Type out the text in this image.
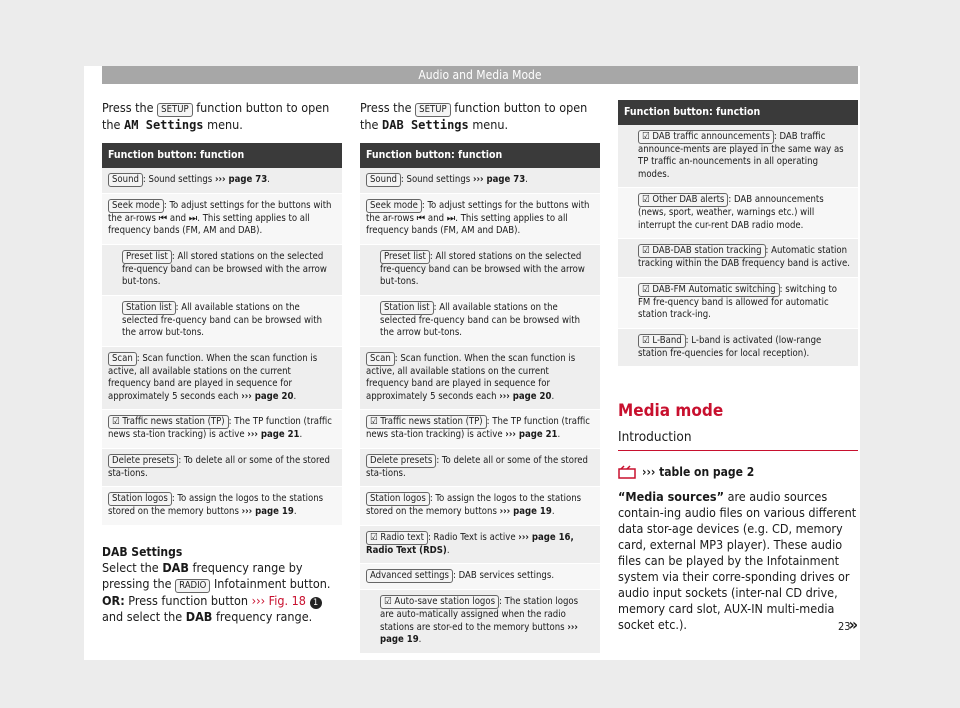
Audio and Media Mode

Press the SETUP function button to open the AM Settings menu.

Function button: function
Sound : Sound settings ››› page 73.
Seek mode : To adjust settings for the buttons with the ar-rows ⏮ and ⏭. This setting applies to all frequency bands (FM, AM and DAB).
Preset list : All stored stations on the selected fre-quency band can be browsed with the arrow but-tons.
Station list : All available stations on the selected fre-quency band can be browsed with the arrow but-tons.
Scan : Scan function. When the scan function is active, all available stations on the current frequency band are played in sequence for approximately 5 seconds each ››› page 20.
☑ Traffic news station (TP) : The TP function (traffic news sta-tion tracking) is active ››› page 21.
Delete presets : To delete all or some of the stored sta-tions.
Station logos : To assign the logos to the stations stored on the memory buttons ››› page 19.

DAB Settings

Select the DAB frequency range by pressing the RADIO Infotainment button.

OR: Press function button ››› Fig. 18 1 and select the DAB frequency range.

Press the SETUP function button to open the DAB Settings menu.

Function button: function
Sound : Sound settings ››› page 73.
Seek mode : To adjust settings for the buttons with the ar-rows ⏮ and ⏭. This setting applies to all frequency bands (FM, AM and DAB).
Preset list : All stored stations on the selected fre-quency band can be browsed with the arrow but-tons.
Station list : All available stations on the selected fre-quency band can be browsed with the arrow but-tons.
Scan : Scan function. When the scan function is active, all available stations on the current frequency band are played in sequence for approximately 5 seconds each ››› page 20.
☑ Traffic news station (TP) : The TP function (traffic news sta-tion tracking) is active ››› page 21.
Delete presets : To delete all or some of the stored sta-tions.
Station logos : To assign the logos to the stations stored on the memory buttons ››› page 19.
☑ Radio text : Radio Text is active ››› page 16, Radio Text (RDS).
Advanced settings : DAB services settings.
☑ Auto-save station logos : The station logos are auto-matically assigned when the radio stations are stor-ed to the memory buttons ››› page 19.
Function button: function
☑ DAB traffic announcements : DAB traffic announce-ments are played in the same way as TP traffic an-nouncements in all operating modes.
☑ Other DAB alerts : DAB announcements (news, sport, weather, warnings etc.) will interrupt the cur-rent DAB radio mode.
☑ DAB-DAB station tracking : Automatic station tracking within the DAB frequency band is active.
☑ DAB-FM Automatic switching : switching to FM fre-quency band is allowed for automatic station track-ing.
☑ L-Band : L-band is activated (low-range station fre-quencies for local reception).
Media mode
Introduction
››› table on page 2

“Media sources” are audio sources contain-ing audio files on various different data stor-age devices (e.g. CD, memory card, external MP3 player). These audio files can be played by the Infotainment system via their corre-sponding drives or audio input sockets (inter-nal CD drive, memory card slot, AUX-IN multi-media socket etc.).	»

23
